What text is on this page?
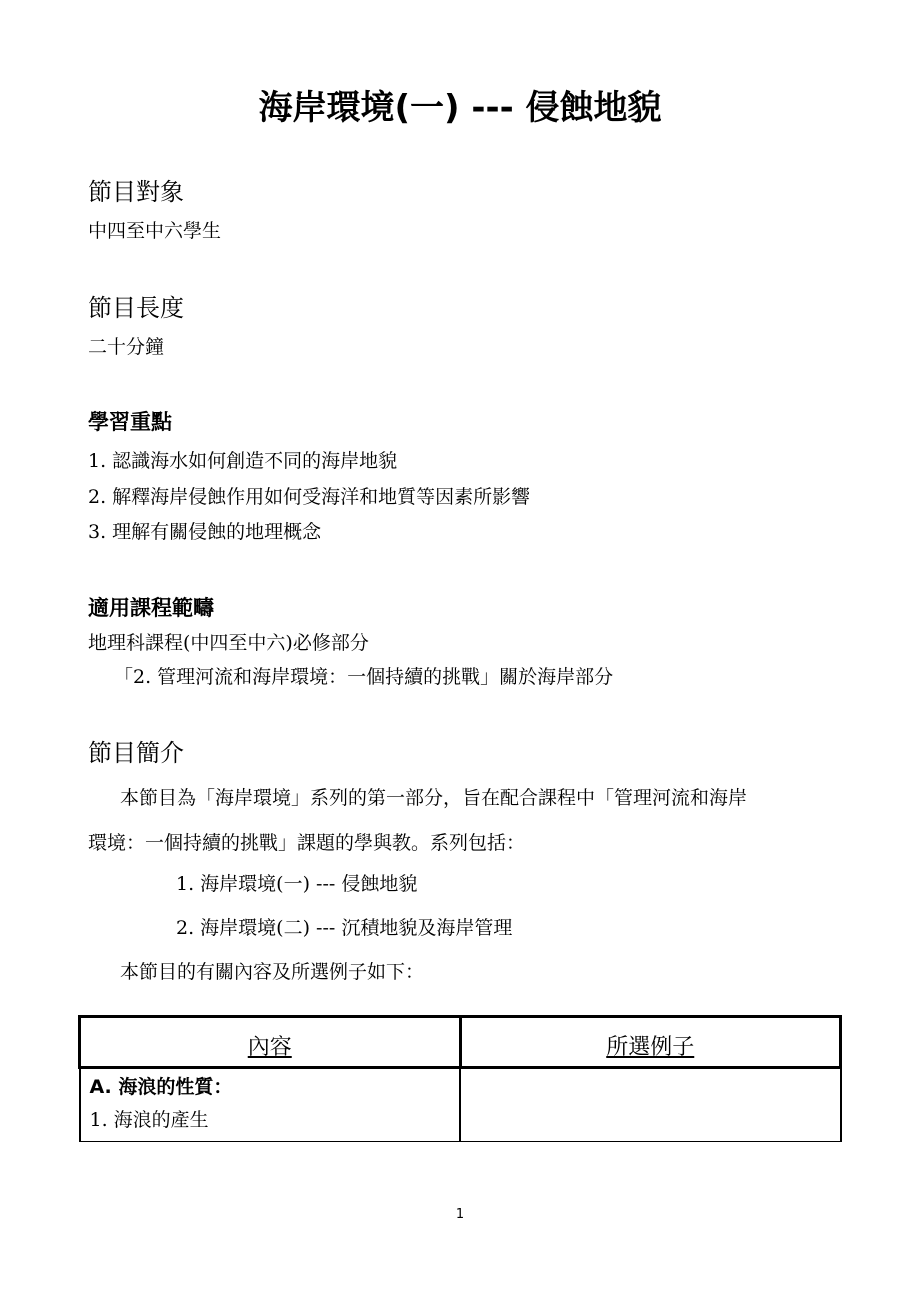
海岸環境(一) --- 侵蝕地貌
節目對象
中四至中六學生
節目長度
二十分鐘
學習重點
1. 認識海水如何創造不同的海岸地貌
2. 解釋海岸侵蝕作用如何受海洋和地質等因素所影響
3. 理解有關侵蝕的地理概念
適用課程範疇
地理科課程(中四至中六)必修部分
「2. 管理河流和海岸環境：一個持續的挑戰」關於海岸部分
節目簡介
本節目為「海岸環境」系列的第一部分，旨在配合課程中「管理河流和海岸
環境：一個持續的挑戰」課題的學與教。系列包括：
1. 海岸環境(一) --- 侵蝕地貌
2. 海岸環境(二) --- 沉積地貌及海岸管理
本節目的有關內容及所選例子如下：
內容	所選例子

A. 海浪的性質：
1. 海浪的產生	

1
